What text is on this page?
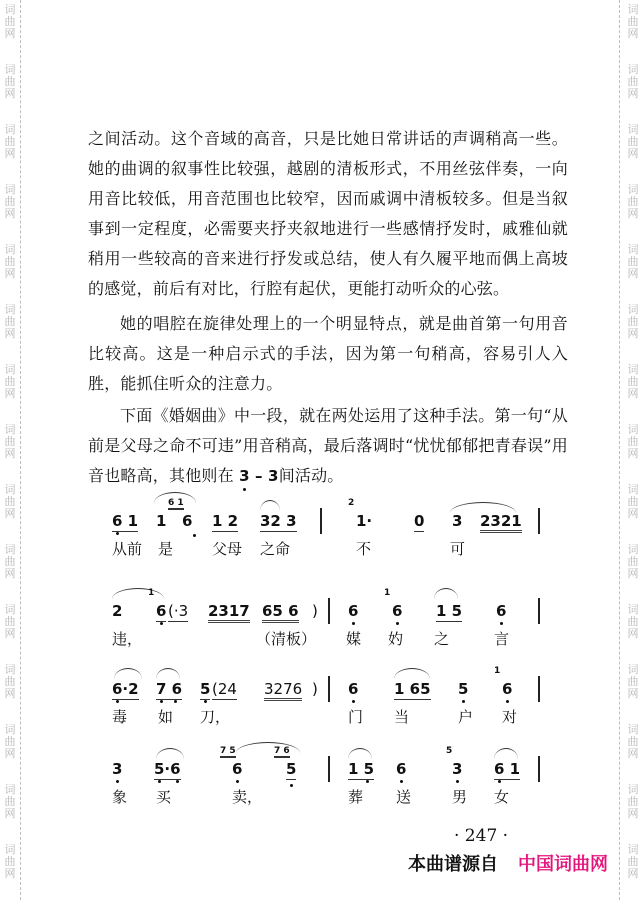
词
曲
网
词
曲
网
词
曲
网
词
曲
网
词
曲
网
词
曲
网
词
曲
网
词
曲
网
词
曲
网
词
曲
网
词
曲
网
词
曲
网
词
曲
网
词
曲
网
词
曲
网
词
曲
网
词
曲
网
词
曲
网
词
曲
网
词
曲
网
词
曲
网
词
曲
网
词
曲
网
词
曲
网
词
曲
网
词
曲
网
词
曲
网
词
曲
网
词
曲
网
词
曲
网

之间活动。这个音域的高音，只是比她日常讲话的声调稍高一些。她的曲调的叙事性比较强，越剧的清板形式，不用丝弦伴奏，一向用音比较低，用音范围也比较窄，因而戚调中清板较多。但是当叙事到一定程度，必需要夹抒夹叙地进行一些感情抒发时，戚雅仙就稍用一些较高的音来进行抒发或总结，使人有久履平地而偶上高坡的感觉，前后有对比，行腔有起伏，更能打动听众的心弦。

她的唱腔在旋律处理上的一个明显特点，就是曲首第一句用音比较高。这是一种启示式的手法，因为第一句稍高，容易引人入胜，能抓住听众的注意力。

下面《婚姻曲》中一段，就在两处运用了这种手法。第一句“从前是父母之命不可违”用音稍高，最后落调时“忧忧郁郁把青春误”用音也略高，其他则在 3 – 3间活动。

6 1
6 1
1 6 1 2 32 3
2
1·	0 3 2321
从前 是	父母 之命	不	可
2
1
6 (·3 2317 65 6 ) 6
1
6 1 5 6
违，	（清板） 媒 妁 之	言
6·2 7 6 5 (24 3276 ) 6 1 65 5
1
6
毒 如 刀，	门 当	户 对
3 5·6
7 5
6
7 6
5	1 5 6
5
3 6 1
象 买	卖，	葬 送	男 女
· 247 ·
本曲谱源自 中国词曲网
